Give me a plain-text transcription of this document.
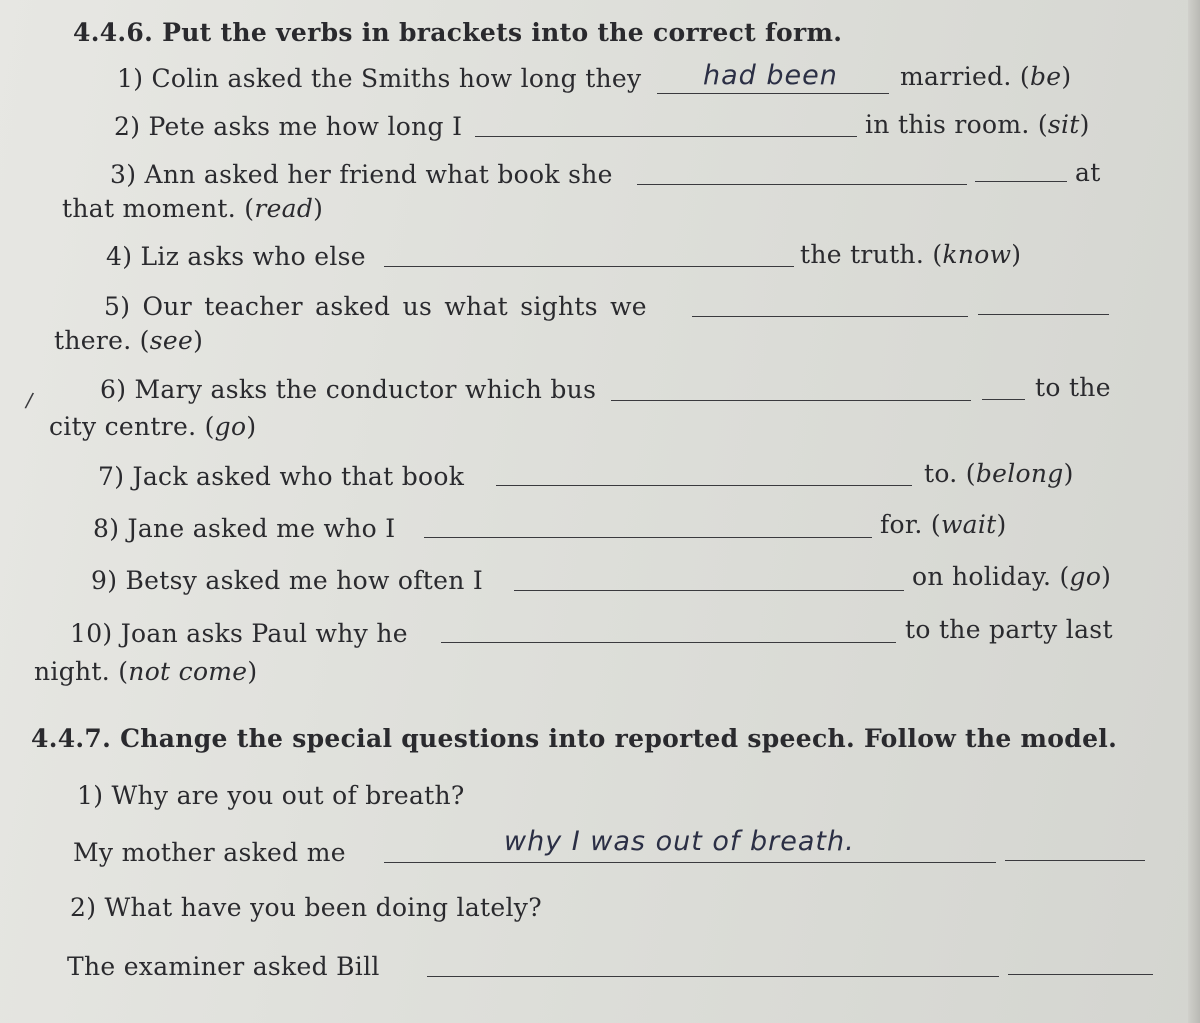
4.4.6. Put the verbs in brackets into the correct form.
1) Colin asked the Smiths how long they had been married. (be)
2) Pete asks me how long I	in this room. (sit)
3) Ann asked her friend what book she	at
that moment. (read)
4) Liz asks who else	the truth. (know)
5) Our teacher asked us what sights we
there. (see)
/	6) Mary asks the conductor which bus	to the
city centre. (go)
7) Jack asked who that book	to. (belong)
8) Jane asked me who I	for. (wait)
9) Betsy asked me how often I	on holiday. (go)
10) Joan asks Paul why he	to the party last
night. (not come)
4.4.7. Change the special questions into reported speech. Follow the model.
1) Why are you out of breath?
My mother asked me	why I was out of breath.
2) What have you been doing lately?
The examiner asked Bill
